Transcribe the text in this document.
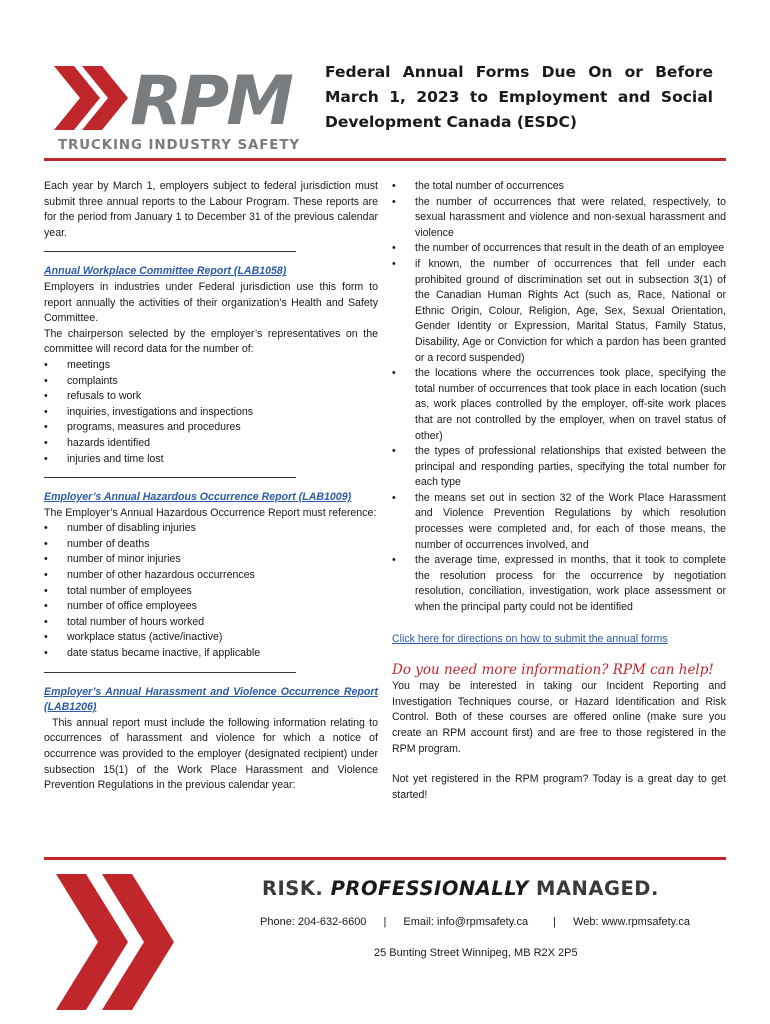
RPM
TRUCKING INDUSTRY SAFETY
Federal Annual Forms Due On or Before March 1, 2023 to Employment and Social Development Canada (ESDC)

Each year by March 1, employers subject to federal jurisdiction must submit three annual reports to the Labour Program. These reports are for the period from January 1 to December 31 of the previous calendar year.

Annual Workplace Committee Report (LAB1058)

Employers in industries under Federal jurisdiction use this form to report annually the activities of their organization’s Health and Safety Committee.

The chairperson selected by the employer’s representatives on the committee will record data for the number of:

• meetings
• complaints
• refusals to work
• inquiries, investigations and inspections
• programs, measures and procedures
• hazards identified
• injuries and time lost

Employer’s Annual Hazardous Occurrence Report (LAB1009)

The Employer’s Annual Hazardous Occurrence Report must reference:

• number of disabling injuries
• number of deaths
• number of minor injuries
• number of other hazardous occurrences
• total number of employees
• number of office employees
• total number of hours worked
• workplace status (active/inactive)
• date status became inactive, if applicable

Employer’s Annual Harassment and Violence Occurrence Report (LAB1206)

This annual report must include the following information relating to occurrences of harassment and violence for which a notice of occurrence was provided to the employer (designated recipient) under subsection 15(1) of the Work Place Harassment and Violence Prevention Regulations in the previous calendar year:

• the total number of occurrences
• the number of occurrences that were related, respectively, to sexual harassment and violence and non-sexual harassment and violence
• the number of occurrences that result in the death of an employee
• if known, the number of occurrences that fell under each prohibited ground of discrimination set out in subsection 3(1) of the Canadian Human Rights Act (such as, Race, National or Ethnic Origin, Colour, Religion, Age, Sex, Sexual Orientation, Gender Identity or Expression, Marital Status, Family Status, Disability, Age or Conviction for which a pardon has been granted or a record suspended)
• the locations where the occurrences took place, specifying the total number of occurrences that took place in each location (such as, work places controlled by the employer, off-site work places that are not controlled by the employer, when on travel status of other)
• the types of professional relationships that existed between the principal and responding parties, specifying the total number for each type
• the means set out in section 32 of the Work Place Harassment and Violence Prevention Regulations by which resolution processes were completed and, for each of those means, the number of occurrences involved, and
• the average time, expressed in months, that it took to complete the resolution process for the occurrence by negotiation resolution, conciliation, investigation, work place assessment or when the principal party could not be identified

Click here for directions on how to submit the annual forms

Do you need more information? RPM can help!

You may be interested in taking our Incident Reporting and Investigation Techniques course, or Hazard Identification and Risk Control. Both of these courses are offered online (make sure you create an RPM account first) and are free to those registered in the RPM program.

Not yet registered in the RPM program? Today is a great day to get started!

RISK. PROFESSIONALLY MANAGED.
Phone: 204-632-6600 | Email: info@rpmsafety.ca | Web: www.rpmsafety.ca
25 Bunting Street Winnipeg, MB R2X 2P5
